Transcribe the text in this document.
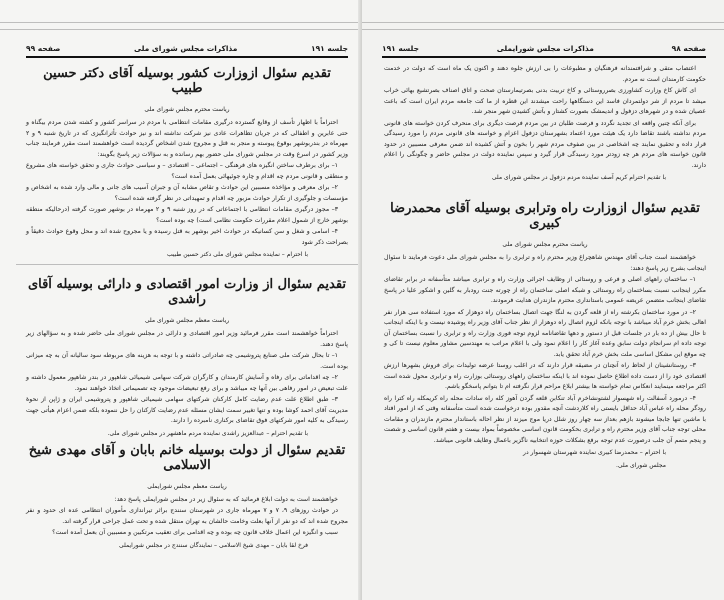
جلسه ۱۹۱
مذاکرات مجلس شورای ملی
صفحه ۹۹
تقدیم سئوال ازوزارت کشور بوسیله آقای دکتر حسین طبیب
ریاست محترم مجلس شورای ملی

احتراماً با اظهار تأسف از وقایع گسترده درگیری مقامات انتظامی با مردم در سراسر کشور و کشته شدن مردم بیگناه و حتی عابرین و اطفالی که در جریان تظاهرات عادی نیز شرکت نداشته اند و نیز حوادث تأثرانگیزی که در تاریخ شنبه ۹ و ۲ مهرماه در بندربوشهر بوقوع پیوسته و منجر به قتل و مجروح شدن اشخاص گردیده است خواهشمند است مقرر فرمایند جناب وزیر کشور در اسرع وقت در مجلس شورای ملی حضور بهم رسانده و به سؤالات زیر پاسخ بگویند:

۱– برای برطرف ساختن انگیزه های فرهنگی – اجتماعی – اقتصادی – و سیاسی حوادث جاری و تحقق خواسته های مشروع و منطقی و قانونی مردم چه اقدام و چاره جوئیهائی بعمل آمده است؟

۲– برای معرفی و مؤاخذه مسببین این حوادث و تقاص مشابه آن و جبران آسیب های جانی و مالی وارد شده به اشخاص و مؤسسات و جلوگیری از تکرار حوادث مزبور چه اقدام و تمهیداتی در نظر گرفته شده است؟

۳– مجوز درگیری مقامات انتظامی با اجتماعاتی که در روز شنبه ۹ و ۲ مهرماه در بوشهر صورت گرفته (درحالیکه منطقه بوشهر خارج از شمول اعلام مقررات حکومت نظامی است) چه بوده است؟

۴– اسامی و شغل و سن کسانیکه در حوادث اخیر بوشهر به قتل رسیده و یا مجروح شده اند و محل وقوع حوادث دقیقاً و بصراحت ذکر شود

با احترام – نماینده مجلس شورای ملی دکتر حسین طبیب
تقدیم سئوال از وزارت امور اقتصادی و دارائی بوسیله آقای راشدی
ریاست معظم مجلس شورای ملی

احتراماً خواهشمند است مقرر فرمائید وزیر امور اقتصادی و دارائی در مجلس شورای ملی حاضر شده و به سؤالهای زیر پاسخ دهند.

۱– تا بحال شرکت ملی صنایع پتروشیمی چه صادراتی داشته و با توجه به هزینه های مربوطه سود سالیانه آن به چه میزانی بوده است.

۲– چه اقداماتی برای رفاه و آسایش کارمندان و کارگران شرکت سهامی شیمیائی شاهپور در بندر شاهپور معمول داشته و علت تبعیض در امور رفاهی بین آنها چه میباشد و برای رفع تبعیضات موجود چه تصمیماتی اتخاذ خواهند نمود.

۳– طبق اطلاع علت عدم رضایت کامل کارکنان شرکتهای سهامی شیمیائی شاهپور و پتروشیمی ایران و ژاپن از نحوهٔ مدیریت آقای احمد کوشا بوده و تنها تغییر سمت ایشان مسئله عدم رضایت کارکنان را حل ننموده بلکه ضمن اعزام هیأتی جهت رسیدگی به کلیه امور شرکتهای فوق تقاضای برکناری نامبرده را دارند.

با تقدیم احترام – عبدالعزیز راشدی نماینده مردم ماهشهر در مجلس شورای ملی.
تقدیم سئوال از دولت بوسیله خانم بابان و آقای مهدی شیخ الاسلامی
ریاست معظم مجلس شورایملی

خواهشمند است به دولت ابلاغ فرمائید که به سئوال زیر در مجلس شورایملی پاسخ دهد:

در حوادث روزهای ۹، ۷ و ۷ مهرماه جاری در شهرستان سنندج براثر تیراندازی مأموران انتظامی عده ای حدود و نفر مجروح شده اند که دو نفر از آنها بعلت وخامت حالشان به تهران منتقل شده و تحت عمل جراحی قرار گرفته اند.

سبب و انگیزه این اعمال خلاف قانون چه بوده و چه اقدامی برای تعقیب مرتکبین و مسببین آن بعمل آمده است؟

فرخ لقا بابان – مهدی شیخ الاسلامی – نمایندگان سنندج در مجلس شورایملی
صفحه ۹۸
مذاکرات مجلس شورایملی
جلسه ۱۹۱

اعتصاب متقی و شرافتمندانه فرهنگیان و مطبوعات را بی ارزش جلوه دهند و اکنون یک ماه است که دولت در خدمت حکومت کارمندان است نه مردم.

ای کاش کاخ وزارت کشاورزی بصرروستائی و کاخ تربیت بدنی بصرتیمارستان صحت و اتاق اصناف بصرتشیع بهائی خراب میشد تا مردم از شر دولتمردان فاسد این دستگاهها راحت میشدند این قطره از ما کت جامعه مردم ایران است که باعث عصیان شده و در شهرهای دزفول و اندیمشک بصورت کشتار و بآتش کشیدن شهر منجر شد.

برای آنکه چنین واقعه ای تجدید نگردد و فرصت طلبان در بین مردم فرصت دیگری برای منحرف کردن خواسته های قانونی مردم نداشته باشند تقاضا دارد یک هیئت مورد اعتماد بشهرستان دزفول اعزام و خواسته های قانونی مردم را مورد رسیدگی قرار داده و تحقیق نمایند چه اشخاصی در بین صفوف مردم شهر را بخون و آتش کشیده اند ضمن معرفی مسببین در حدود قانون خواسته های مردم هر چه زودتر مورد رسیدگی قرار گیرد و سپس نماینده دولت در مجلس حاضر و چگونگی را اعلام دارند.

با تقدیم احترام کریم آصف نماینده مردم دزفول در مجلس شورای ملی
تقدیم سئوال ازوزارت راه وترابری بوسیله آقای محمدرضا کبیری
ریاست محترم مجلس شورای ملی

خواهشمند است جناب آقای مهندس شاهچراغ وزیر محترم راه و ترابری را به مجلس شورای ملی دعوت فرمایند تا سئوال اینجانب بشرح زیر پاسخ دهند:

۱– ساختمان راههای اصلی و فرعی و روستائی از وظایف اجرائی وزارت راه و ترابری میباشد متأسفانه در برابر تقاضای مکرر اینجانب نسبت بساختمان راه روستائی و شبکه اصلی ساختمان راه از چورته جنت رودبار به گلین و اشکور علیا در پاسخ تقاضای اینجانب متضمن عریضه عمومی باستانداری محترم مازندران هدایت فرمودند.

۲– در مورد ساختمان بکرشته راه از قلعه گردن به لنگا جهت اتصال بساختمان راه دوهزار که مورد استفاده سی هزار نفر اهالی بخش خرم آباد میباشد با توجه بانکه لزوم اتصال راه دوهزار از نظر جناب آقای وزیر راه پوشیده نیست و با اینکه اینجانب تا حال بیش از ده بار در جلسات قبل از دستور و دهها تقاضانامه لزوم توجه فوری وزارت راه و ترابری را نسبت بساختمان آن توجه داده ام سرانجام دولت سابق وعده آغاز کار را اعلام نمود ولی با اعلام مراتب به مهندسین مشاور معلوم نیست تا کی و چه موقع این مشکل اساسی ملت بخش خرم آباد تحقق یابد.

۳– روستانشینان از لحاظ راه آنچنان در مضیقه قرار دارند که در اغلب روستا عرضه تولیدات برای فروش بشهرها ارزش اقتصادی خود را از دست داده اطلاع حاصل نموده اند با اینکه ساختمان راههای روستائی بوزارت راه و ترابری محول شده است اکثر مراجعه مینمایند انعکاس تمام خواسته ها بیشتر ابلاغ مراحم قرار نگرفته ام تا بتوانم پاسخگو باشم.

۴– درمورد آسفالت راه شهسوار لشتونشاخرم آباد تنکابن قلعه گردن آهوز کله راه سادات محله راه کریمکله راه کترا راه رودگر محله راه عباس آباد حداقل بایستی راه کلاردشت آنچه مقدور بوده درخواست شده است متأسفانه وقتی که از امور افتاد با ماشین تنها جابجا میشوند بازهم بعداز سه چهار روز شلل دریا موج میزند از نظر احاله باستاندار محترم مازندران و مقامات محلی توجه جناب آقای وزیر محترم راه و ترابری بحکومت قانون اساسی مخصوصاً بمواد بیست و هفتم قانون اساسی و شصت و پنجم متمم آن جلب درصورت عدم توجه برفع بشکلات حوزه انتخابیه ناگزیر باعمال وظایف قانونی میباشد.

با احترام – محمدرضا کبیری نماینده شهرستان شهسوار در
مجلس شورای ملی.
